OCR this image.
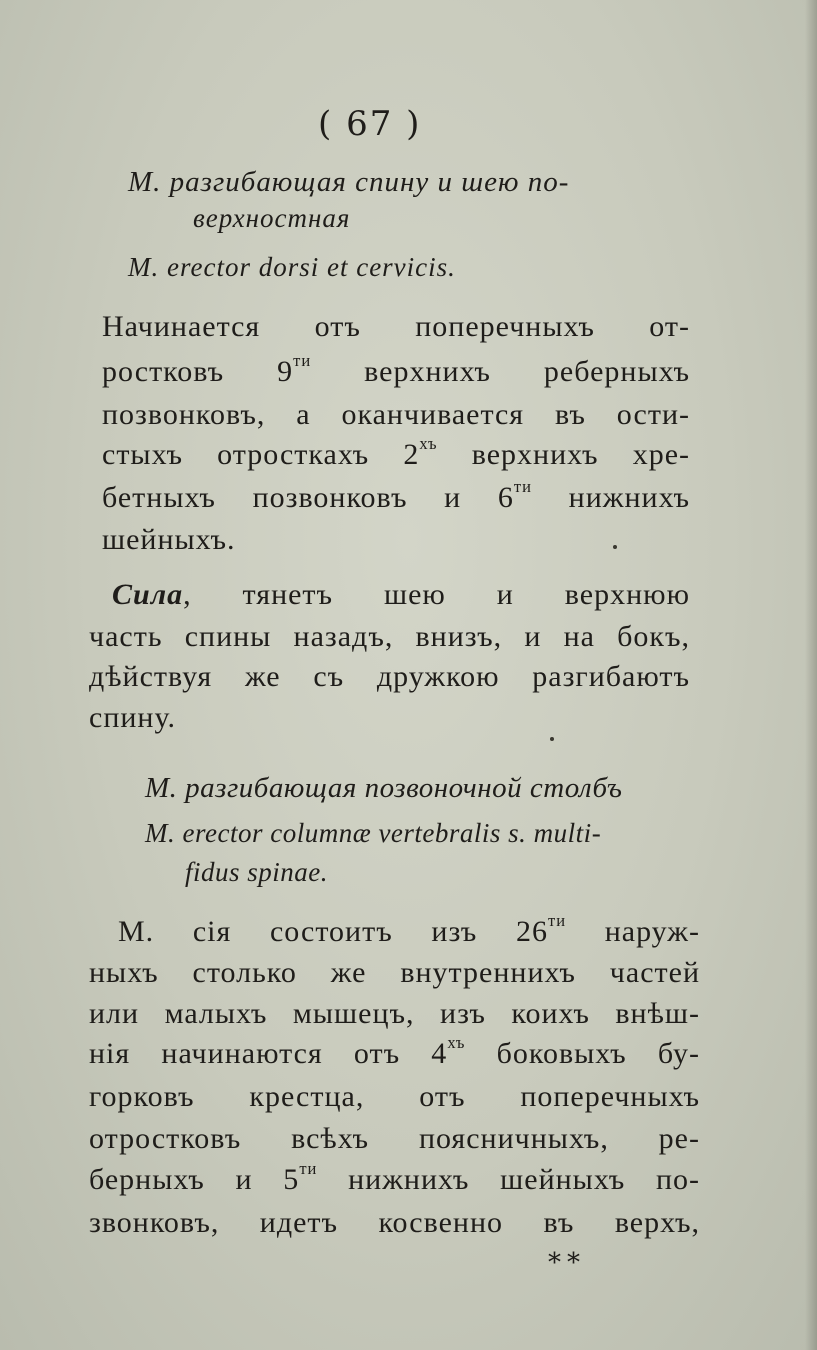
( 67 )
M. разгибающая спину и шею по-
верхностная
M. erector dorsi et cervicis.
Начинается отъ поперечныхъ от-
ростковъ $9^{ти}$ верхнихъ реберныхъ
позвонковъ, а оканчивается въ ости-
стыхъ отросткахъ $2^{хъ}$ верхнихъ хре-
бетныхъ позвонковъ и $6^{ти}$ нижнихъ
шейныхъ.
Сила, тянетъ шею и верхнюю
часть спины назадъ, внизъ, и на бокъ,
дѣйствуя же съ дружкою разгибаютъ
спину.
M. разгибающая позвоночной столбъ
M. erector columnæ vertebralis s. multi-
fidus spinae.
M. сія состоитъ изъ $26^{ти}$ наруж-
ныхъ столько же внутреннихъ частей
или малыхъ мышецъ, изъ коихъ внѣш-
нія начинаются отъ $4^{хъ}$ боковыхъ бу-
горковъ крестца, отъ поперечныхъ
отростковъ всѣхъ поясничныхъ, ре-
берныхъ и $5^{ти}$ нижнихъ шейныхъ по-
звонковъ, идетъ косвенно въ верхъ,
**
